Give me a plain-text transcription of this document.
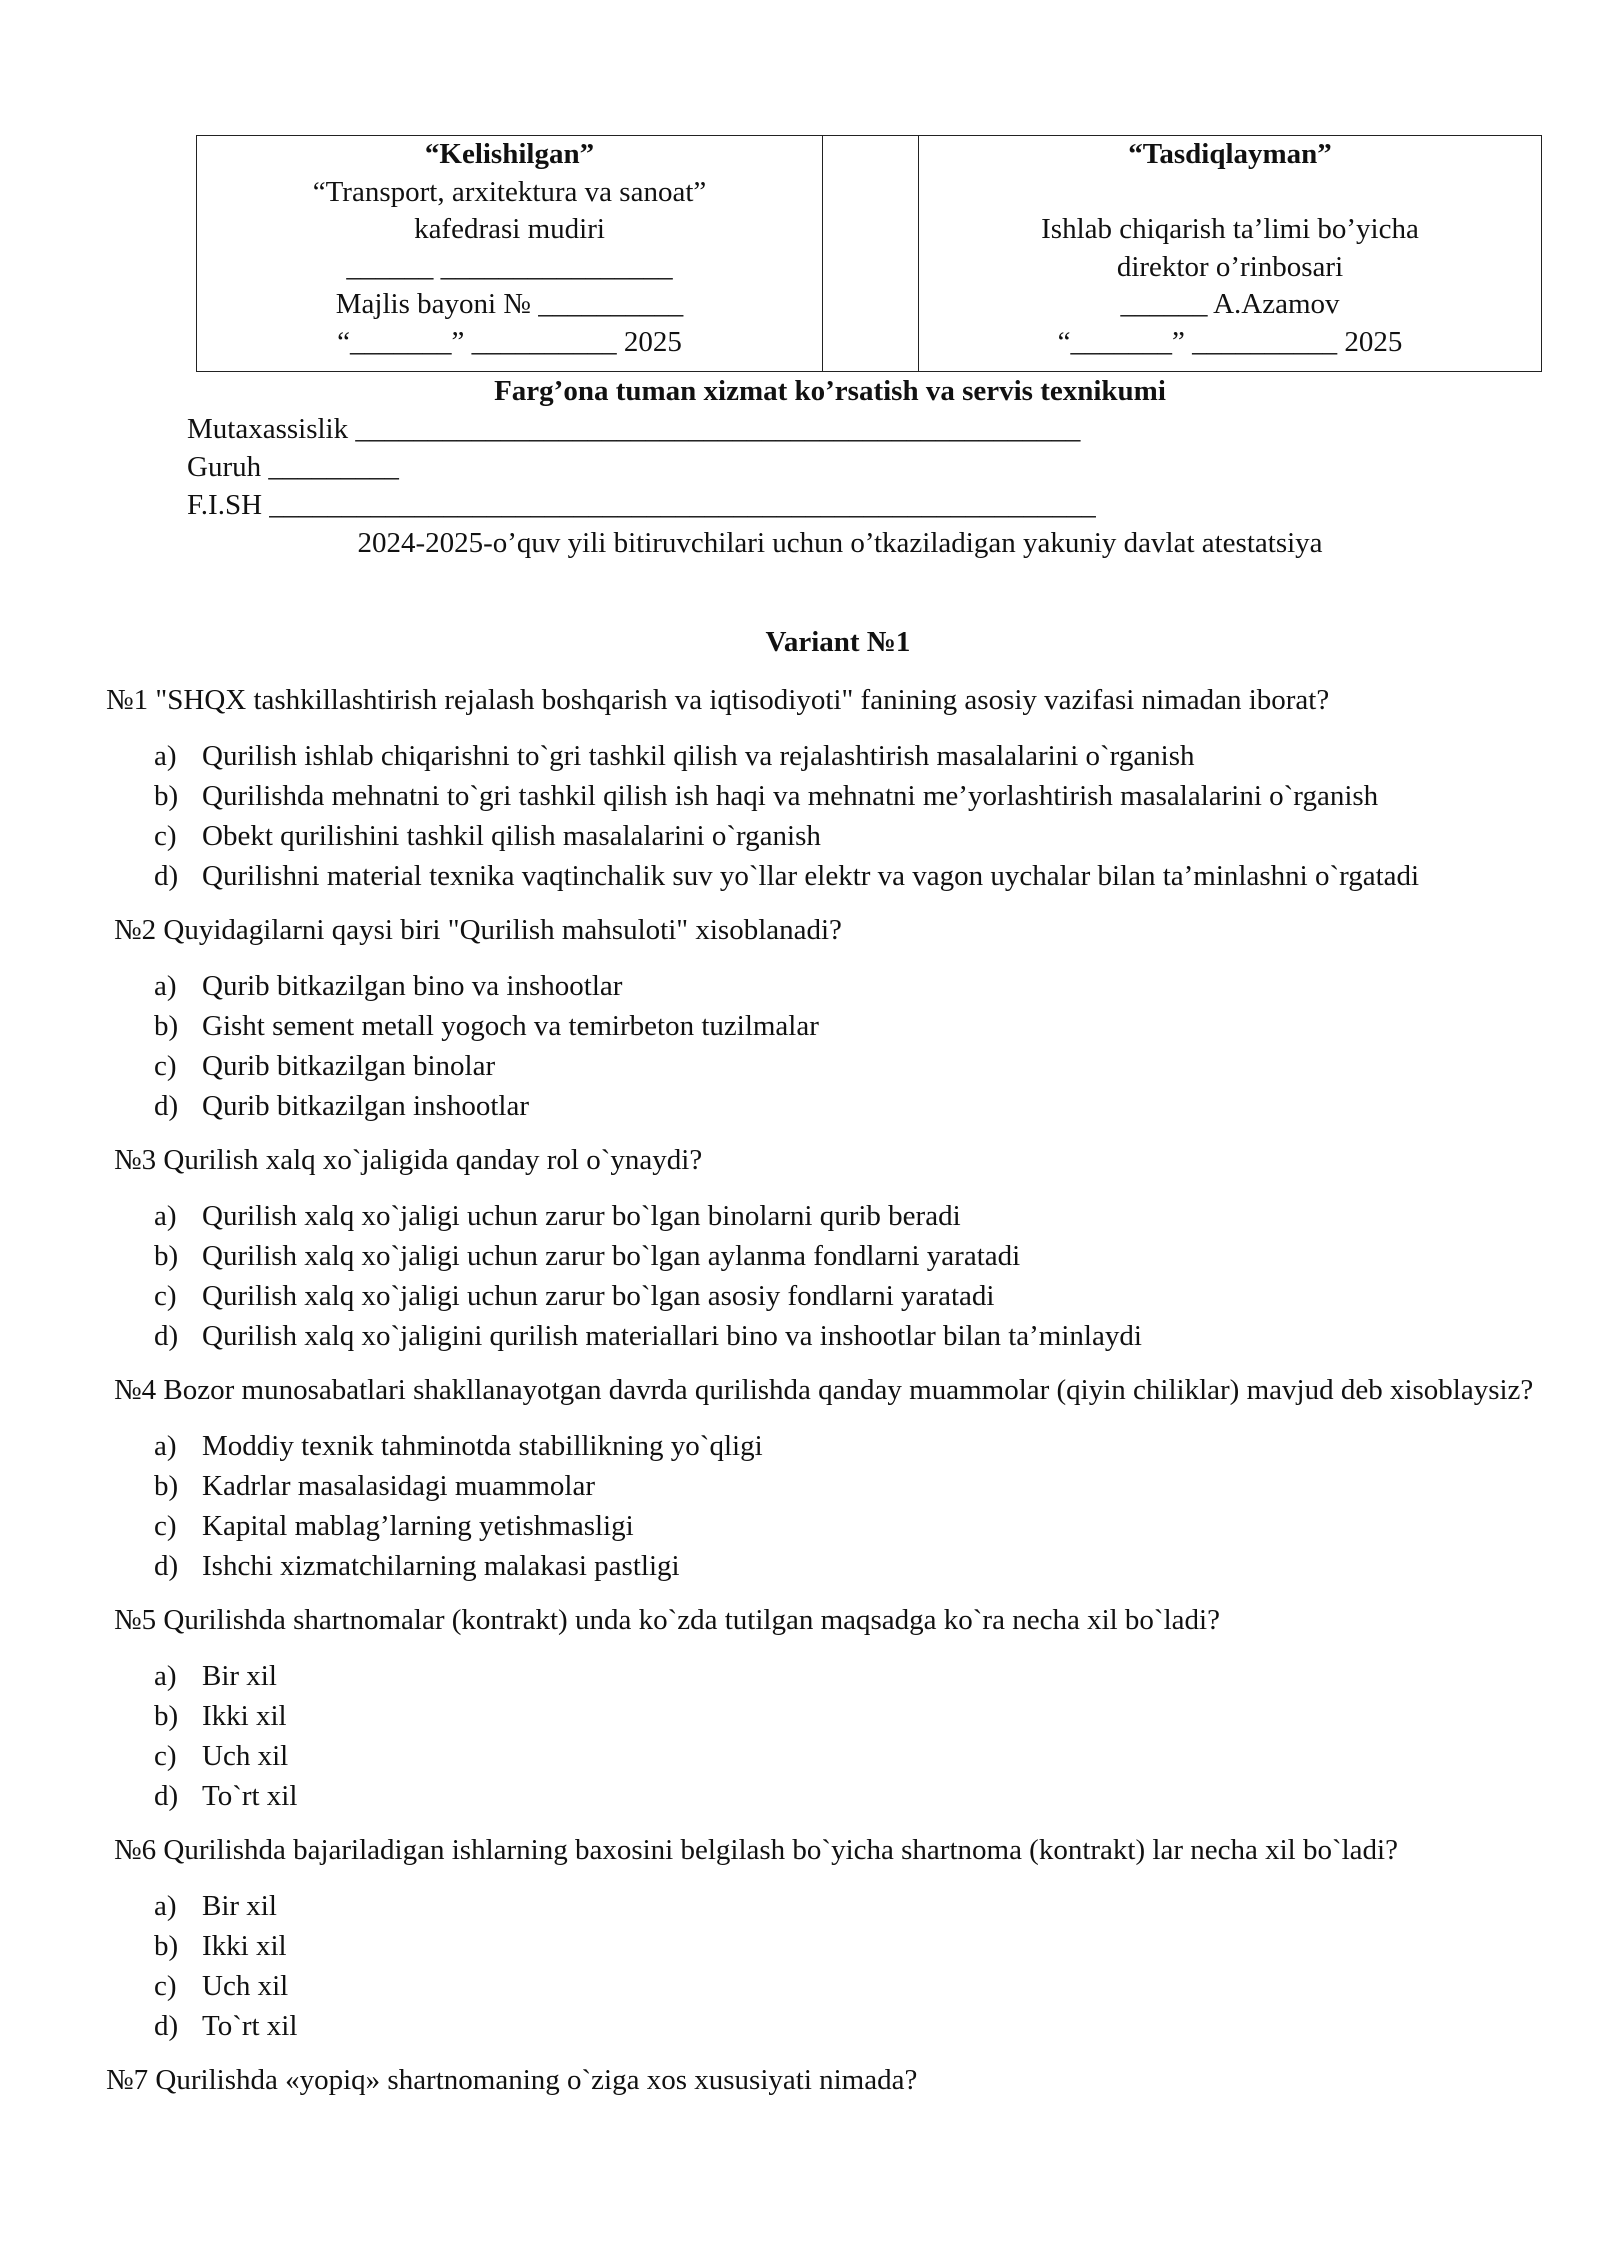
“Kelishilgan”
“Transport, arxitektura va sanoat”
kafedrasi mudiri
______ ________________
Majlis bayoni № __________
“_______” __________ 2025
“Tasdiqlayman”
Ishlab chiqarish ta’limi bo’yicha
direktor o’rinbosari
______ A.Azamov
“_______” __________ 2025
Farg’ona tuman xizmat ko’rsatish va servis texnikumi
Mutaxassislik __________________________________________________
Guruh _________
F.I.SH _________________________________________________________
2024-2025-o’quv yili bitiruvchilari uchun o’tkaziladigan yakuniy davlat atestatsiya
Variant №1

№1 "SHQX tashkillashtirish rejalash boshqarish va iqtisodiyoti" fanining asosiy vazifasi nimadan iborat?

a) Qurilish ishlab chiqarishni to`gri tashkil qilish va rejalashtirish masalalarini o`rganish
b) Qurilishda mehnatni to`gri tashkil qilish ish haqi va mehnatni me’yorlashtirish masalalarini o`rganish
c) Obekt qurilishini tashkil qilish masalalarini o`rganish
d) Qurilishni material texnika vaqtinchalik suv yo`llar elektr va vagon uychalar bilan ta’minlashni o`rgatadi

№2 Quyidagilarni qaysi biri "Qurilish mahsuloti" xisoblanadi?

a) Qurib bitkazilgan bino va inshootlar
b) Gisht sement metall yogoch va temirbeton tuzilmalar
c) Qurib bitkazilgan binolar
d) Qurib bitkazilgan inshootlar

№3 Qurilish xalq xo`jaligida qanday rol o`ynaydi?

a) Qurilish xalq xo`jaligi uchun zarur bo`lgan binolarni qurib beradi
b) Qurilish xalq xo`jaligi uchun zarur bo`lgan aylanma fondlarni yaratadi
c) Qurilish xalq xo`jaligi uchun zarur bo`lgan asosiy fondlarni yaratadi
d) Qurilish xalq xo`jaligini qurilish materiallari bino va inshootlar bilan ta’minlaydi

№4 Bozor munosabatlari shakllanayotgan davrda qurilishda qanday muammolar (qiyin chiliklar) mavjud deb xisoblaysiz?

a) Moddiy texnik tahminotda stabillikning yo`qligi
b) Kadrlar masalasidagi muammolar
c) Kapital mablag’larning yetishmasligi
d) Ishchi xizmatchilarning malakasi pastligi

№5 Qurilishda shartnomalar (kontrakt) unda ko`zda tutilgan maqsadga ko`ra necha xil bo`ladi?

a) Bir xil
b) Ikki xil
c) Uch xil
d) To`rt xil

№6 Qurilishda bajariladigan ishlarning baxosini belgilash bo`yicha shartnoma (kontrakt) lar necha xil bo`ladi?

a) Bir xil
b) Ikki xil
c) Uch xil
d) To`rt xil

№7 Qurilishda «yopiq» shartnomaning o`ziga xos xususiyati nimada?
